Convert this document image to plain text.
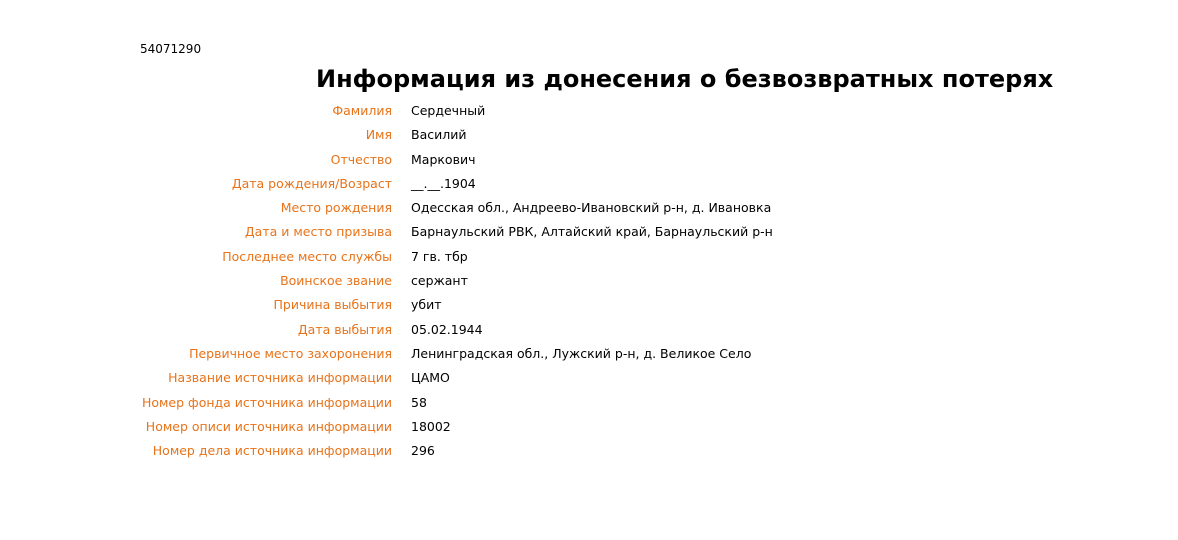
54071290
Информация из донесения о безвозвратных потерях
Фамилия Сердечный
Имя Василий
Отчество Маркович
Дата рождения/Возраст __.__.1904
Место рождения Одесская обл., Андреево-Ивановский р-н, д. Ивановка
Дата и место призыва Барнаульский РВК, Алтайский край, Барнаульский р-н
Последнее место службы 7 гв. тбр
Воинское звание сержант
Причина выбытия убит
Дата выбытия 05.02.1944
Первичное место захоронения Ленинградская обл., Лужский р-н, д. Великое Село
Название источника информации ЦАМО
Номер фонда источника информации 58
Номер описи источника информации 18002
Номер дела источника информации 296
